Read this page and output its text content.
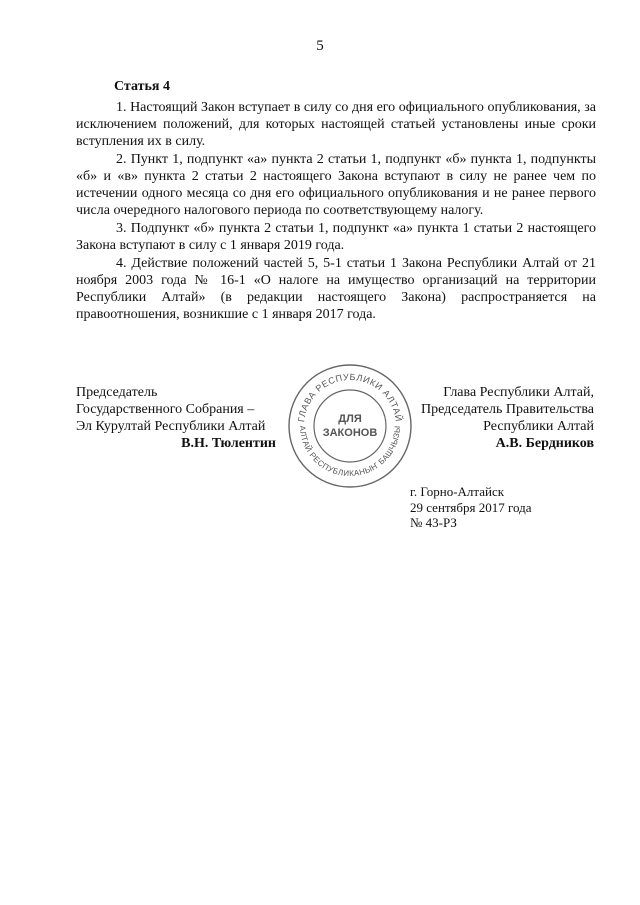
5
Статья 4

1. Настоящий Закон вступает в силу со дня его официального опубликования, за исключением положений, для которых настоящей статьей установлены иные сроки вступления их в силу.

2. Пункт 1, подпункт «а» пункта 2 статьи 1, подпункт «б» пункта 1, подпункты «б» и «в» пункта 2 статьи 2 настоящего Закона вступают в силу не ранее чем по истечении одного месяца со дня его официального опубликования и не ранее первого числа очередного налогового периода по соответствующему налогу.

3. Подпункт «б» пункта 2 статьи 1, подпункт «а» пункта 1 статьи 2 настоящего Закона вступают в силу с 1 января 2019 года.

4. Действие положений частей 5, 5-1 статьи 1 Закона Республики Алтай от 21 ноября 2003 года № 16-1 «О налоге на имущество организаций на территории Республики Алтай» (в редакции настоящего Закона) распространяется на правоотношения, возникшие с 1 января 2017 года.

Председатель
Государственного Собрания –
Эл Курултай Республики Алтай
В.Н. Тюлентин
ГЛАВА РЕСПУБЛИКИ АЛТАЙ
АЛТАЙ РЕСПУБЛИКАНЫҤ БАШЧЫЗЫ
ДЛЯ
ЗАКОНОВ
Глава Республики Алтай,
Председатель Правительства
Республики Алтай
А.В. Бердников
г. Горно-Алтайск
29 сентября 2017 года
№ 43-РЗ
